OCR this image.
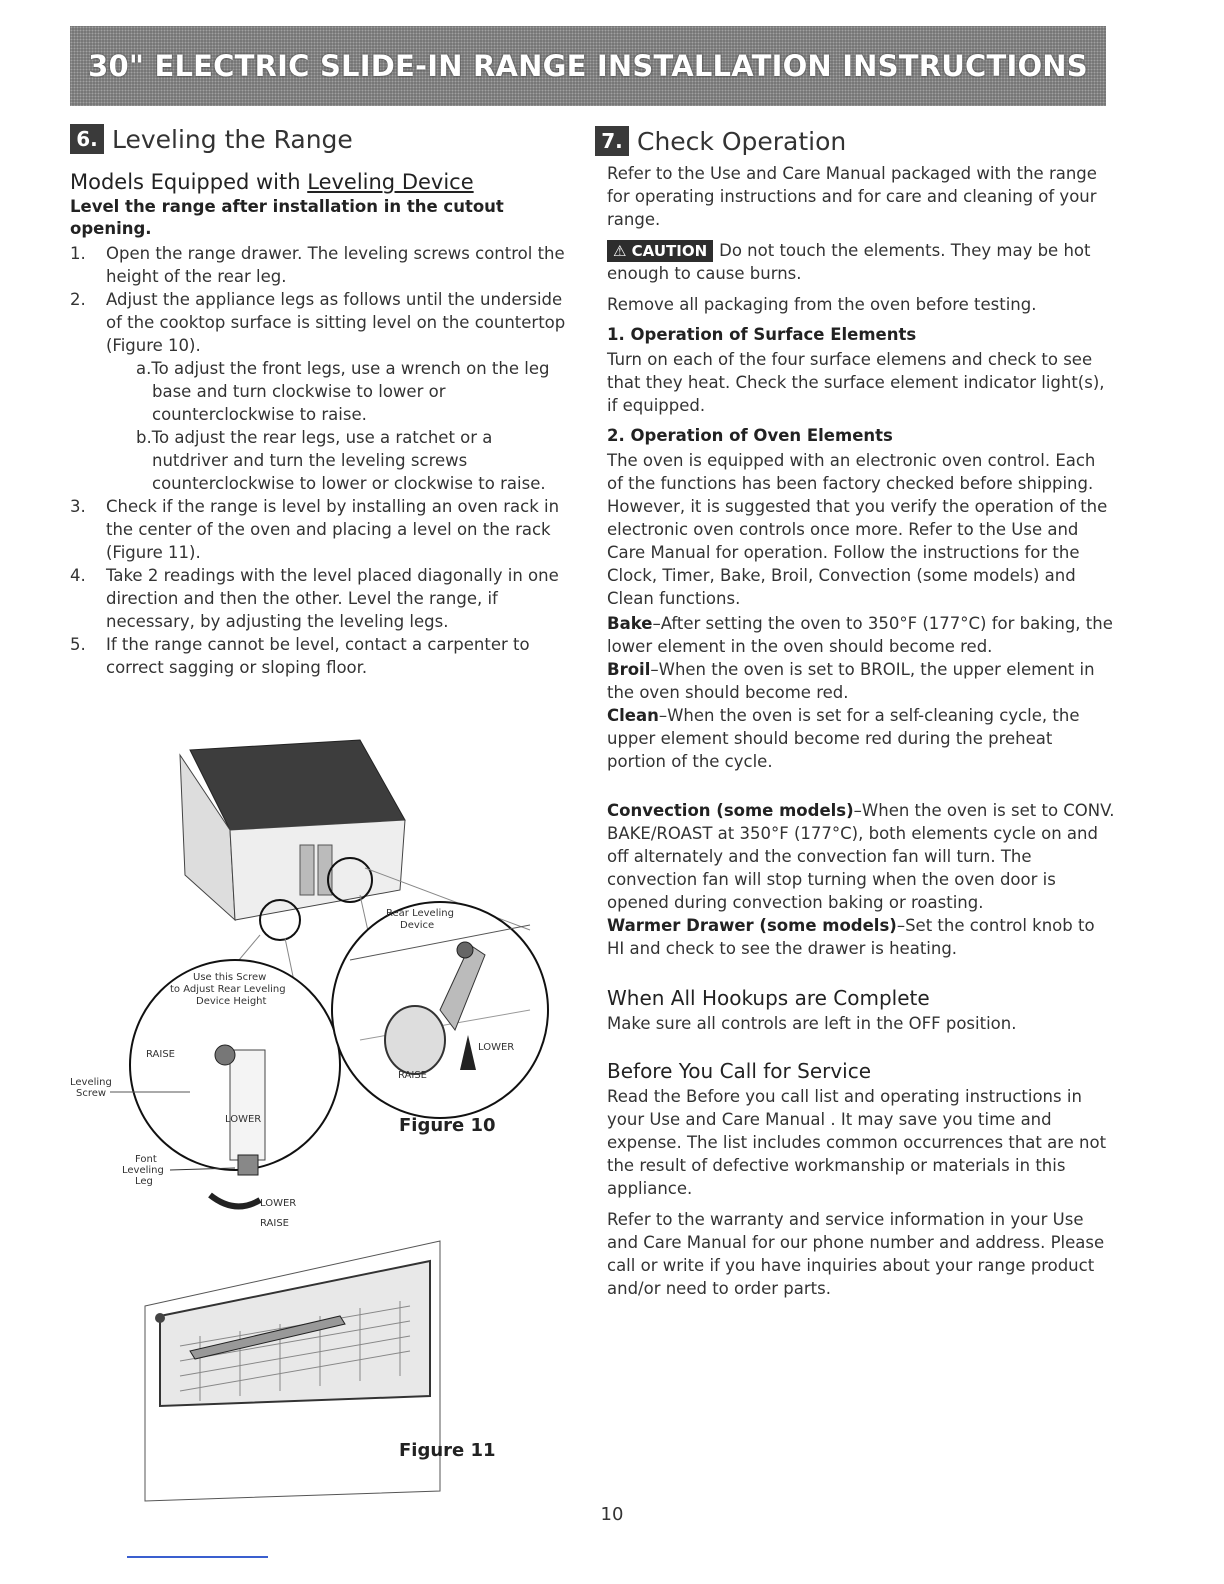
30" ELECTRIC SLIDE-IN RANGE INSTALLATION INSTRUCTIONS
6. Leveling the Range
Models Equipped with Leveling Device
Level the range after installation in the cutout opening.
1. Open the range drawer. The leveling screws control the height of the rear leg.
2. Adjust the appliance legs as follows until the underside of the cooktop surface is sitting level on the countertop (Figure 10).
a.To adjust the front legs, use a wrench on the leg base and turn clockwise to lower or counterclockwise to raise.
b.To adjust the rear legs, use a ratchet or a nutdriver and turn the leveling screws counterclockwise to lower or clockwise to raise.
3. Check if the range is level by installing an oven rack in the center of the oven and placing a level on the rack (Figure 11).
4. Take 2 readings with the level placed diagonally in one direction and then the other. Level the range, if necessary, by adjusting the leveling legs.
5. If the range cannot be level, contact a carpenter to correct sagging or sloping floor.
Use this Screw
to Adjust Rear Leveling
Device Height
RAISE
LOWER
Leveling
Screw
Font
Leveling
Leg
LOWER
RAISE
Rear Leveling
Device
LOWER
RAISE
Figure 10
Figure 11
7. Check Operation

Refer to the Use and Care Manual packaged with the range for operating instructions and for care and cleaning of your range.

⚠ CAUTION Do not touch the elements. They may be hot enough to cause burns.

Remove all packaging from the oven before testing.

1. Operation of Surface Elements

Turn on each of the four surface elemens and check to see that they heat. Check the surface element indicator light(s), if equipped.

2. Operation of Oven Elements

The oven is equipped with an electronic oven control. Each of the functions has been factory checked before shipping. However, it is suggested that you verify the operation of the electronic oven controls once more. Refer to the Use and Care Manual for operation. Follow the instructions for the Clock, Timer, Bake, Broil, Convection (some models) and Clean functions.

Bake–After setting the oven to 350°F (177°C) for baking, the lower element in the oven should become red.
Broil–When the oven is set to BROIL, the upper element in the oven should become red.
Clean–When the oven is set for a self-cleaning cycle, the upper element should become red during the preheat portion of the cycle.
Convection (some models)–When the oven is set to CONV. BAKE/ROAST at 350°F (177°C), both elements cycle on and off alternately and the convection fan will turn. The convection fan will stop turning when the oven door is opened during convection baking or roasting.
Warmer Drawer (some models)–Set the control knob to HI and check to see the drawer is heating.
When All Hookups are Complete

Make sure all controls are left in the OFF position.

Before You Call for Service

Read the Before you call list and operating instructions in your Use and Care Manual . It may save you time and expense. The list includes common occurrences that are not the result of defective workmanship or materials in this appliance.

Refer to the warranty and service information in your Use and Care Manual for our phone number and address. Please call or write if you have inquiries about your range product and/or need to order parts.

10
